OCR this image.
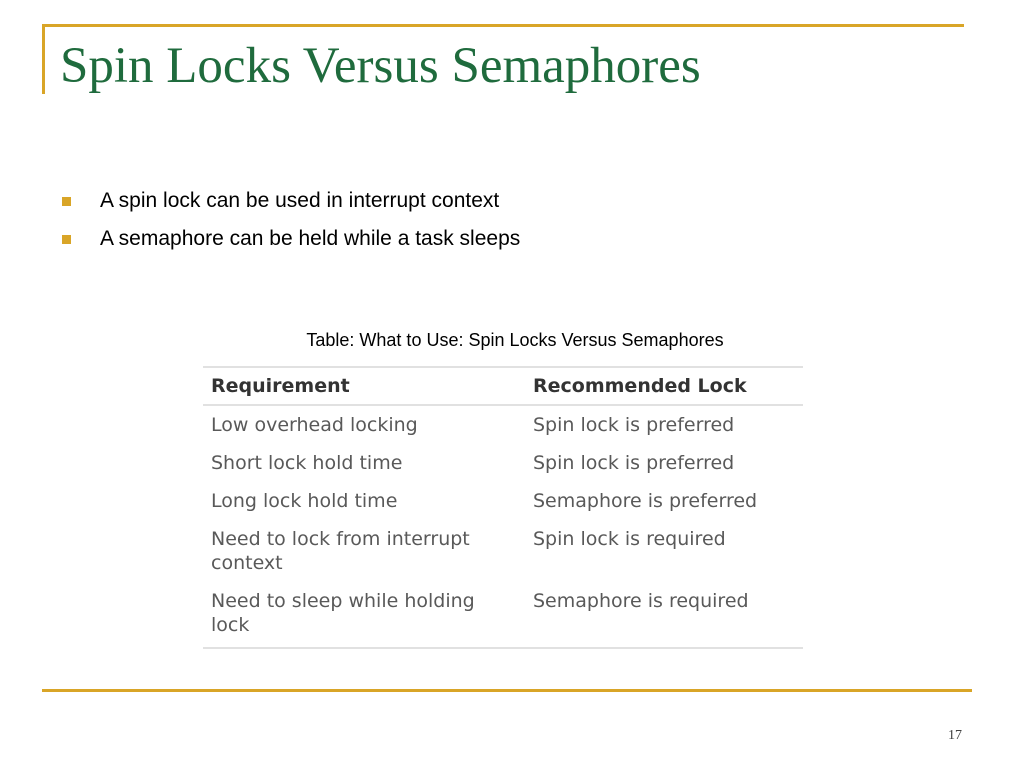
Spin Locks Versus Semaphores
A spin lock can be used in interrupt context
A semaphore can be held while a task sleeps
Table: What to Use: Spin Locks Versus Semaphores
Requirement	Recommended Lock
Low overhead locking	Spin lock is preferred
Short lock hold time	Spin lock is preferred
Long lock hold time	Semaphore is preferred
Need to lock from interrupt context	Spin lock is required
Need to sleep while holding lock	Semaphore is required
17
